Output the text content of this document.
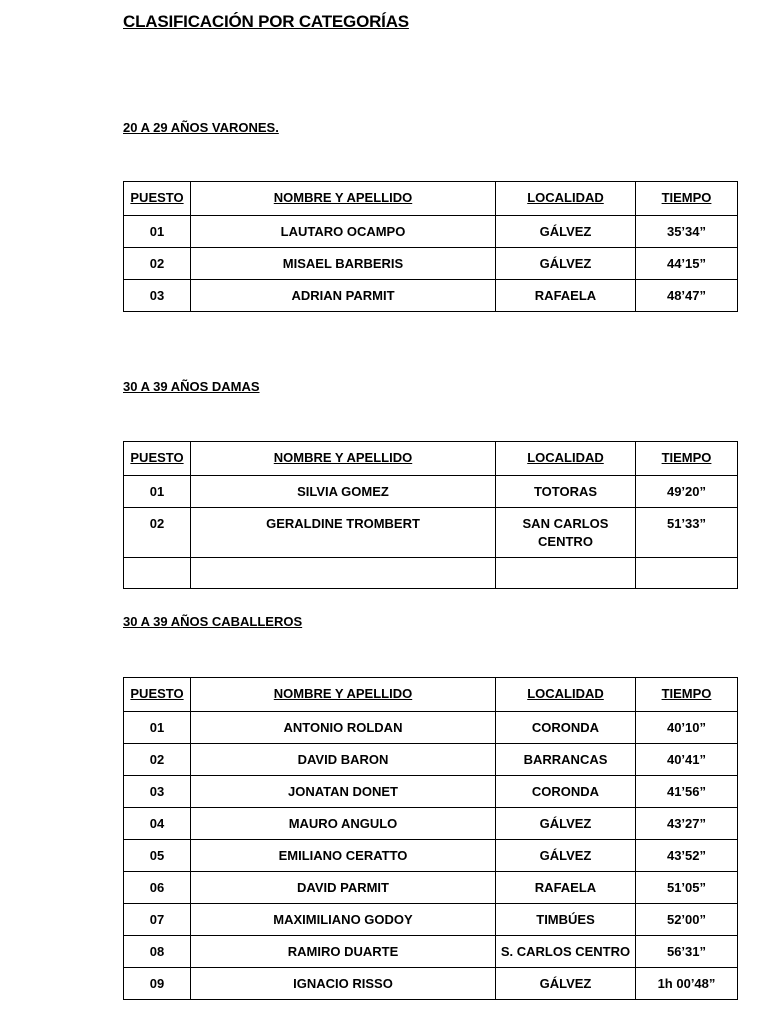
CLASIFICACIÓN POR CATEGORÍAS
20 A 29 AÑOS VARONES.
PUESTO	NOMBRE Y APELLIDO	LOCALIDAD	TIEMPO
01	LAUTARO OCAMPO	GÁLVEZ	35’34”
02	MISAEL BARBERIS	GÁLVEZ	44’15”
03	ADRIAN PARMIT	RAFAELA	48’47”
30 A 39 AÑOS DAMAS
PUESTO	NOMBRE Y APELLIDO	LOCALIDAD	TIEMPO
01	SILVIA GOMEZ	TOTORAS	49’20”
02	GERALDINE TROMBERT	SAN CARLOS CENTRO	51’33”

30 A 39 AÑOS CABALLEROS
PUESTO	NOMBRE Y APELLIDO	LOCALIDAD	TIEMPO
01	ANTONIO ROLDAN	CORONDA	40’10”
02	DAVID BARON	BARRANCAS	40’41”
03	JONATAN DONET	CORONDA	41’56”
04	MAURO ANGULO	GÁLVEZ	43’27”
05	EMILIANO CERATTO	GÁLVEZ	43’52”
06	DAVID PARMIT	RAFAELA	51’05”
07	MAXIMILIANO GODOY	TIMBÚES	52’00”
08	RAMIRO DUARTE	S. CARLOS CENTRO	56’31”
09	IGNACIO RISSO	GÁLVEZ	1h 00’48”
